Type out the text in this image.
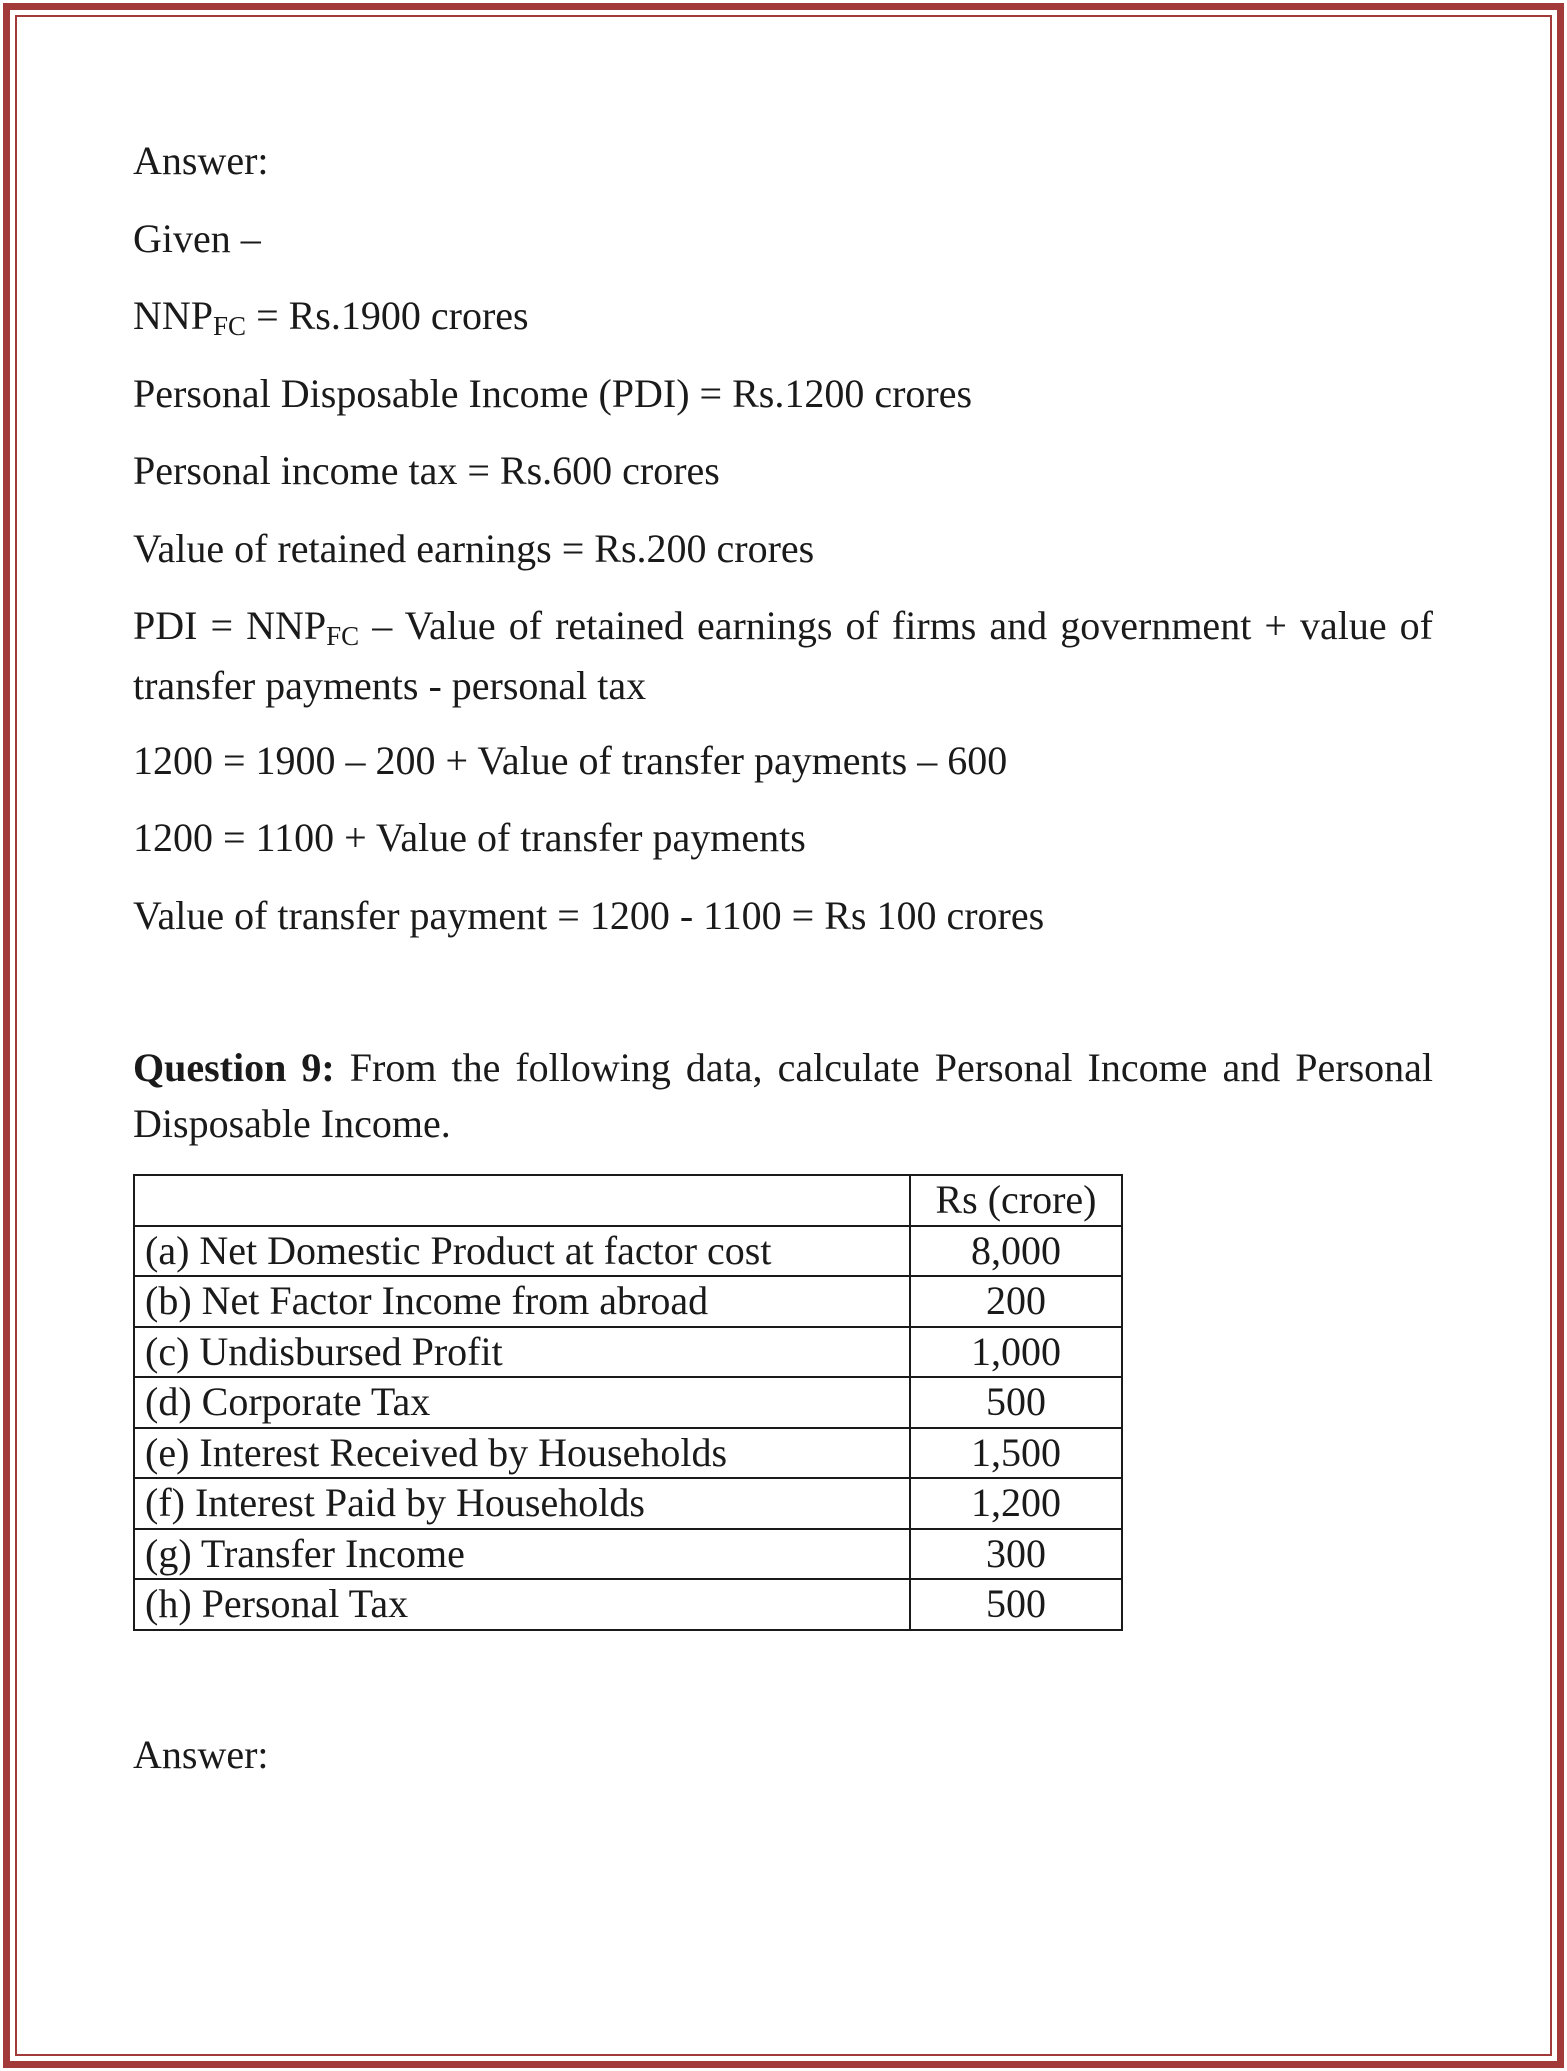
Answer:
Given –
NNPFC = Rs.1900 crores
Personal Disposable Income (PDI) = Rs.1200 crores
Personal income tax = Rs.600 crores
Value of retained earnings = Rs.200 crores
PDI = NNPFC – Value of retained earnings of firms and government + value of transfer payments - personal tax
1200 = 1900 – 200 + Value of transfer payments – 600
1200 = 1100 + Value of transfer payments
Value of transfer payment = 1200 - 1100 = Rs 100 crores
Question 9: From the following data, calculate Personal Income and Personal Disposable Income.
Answer:
	Rs (crore)
(a) Net Domestic Product at factor cost	8,000
(b) Net Factor Income from abroad	200
(c) Undisbursed Profit	1,000
(d) Corporate Tax	500
(e) Interest Received by Households	1,500
(f) Interest Paid by Households	1,200
(g) Transfer Income	300
(h) Personal Tax	500
